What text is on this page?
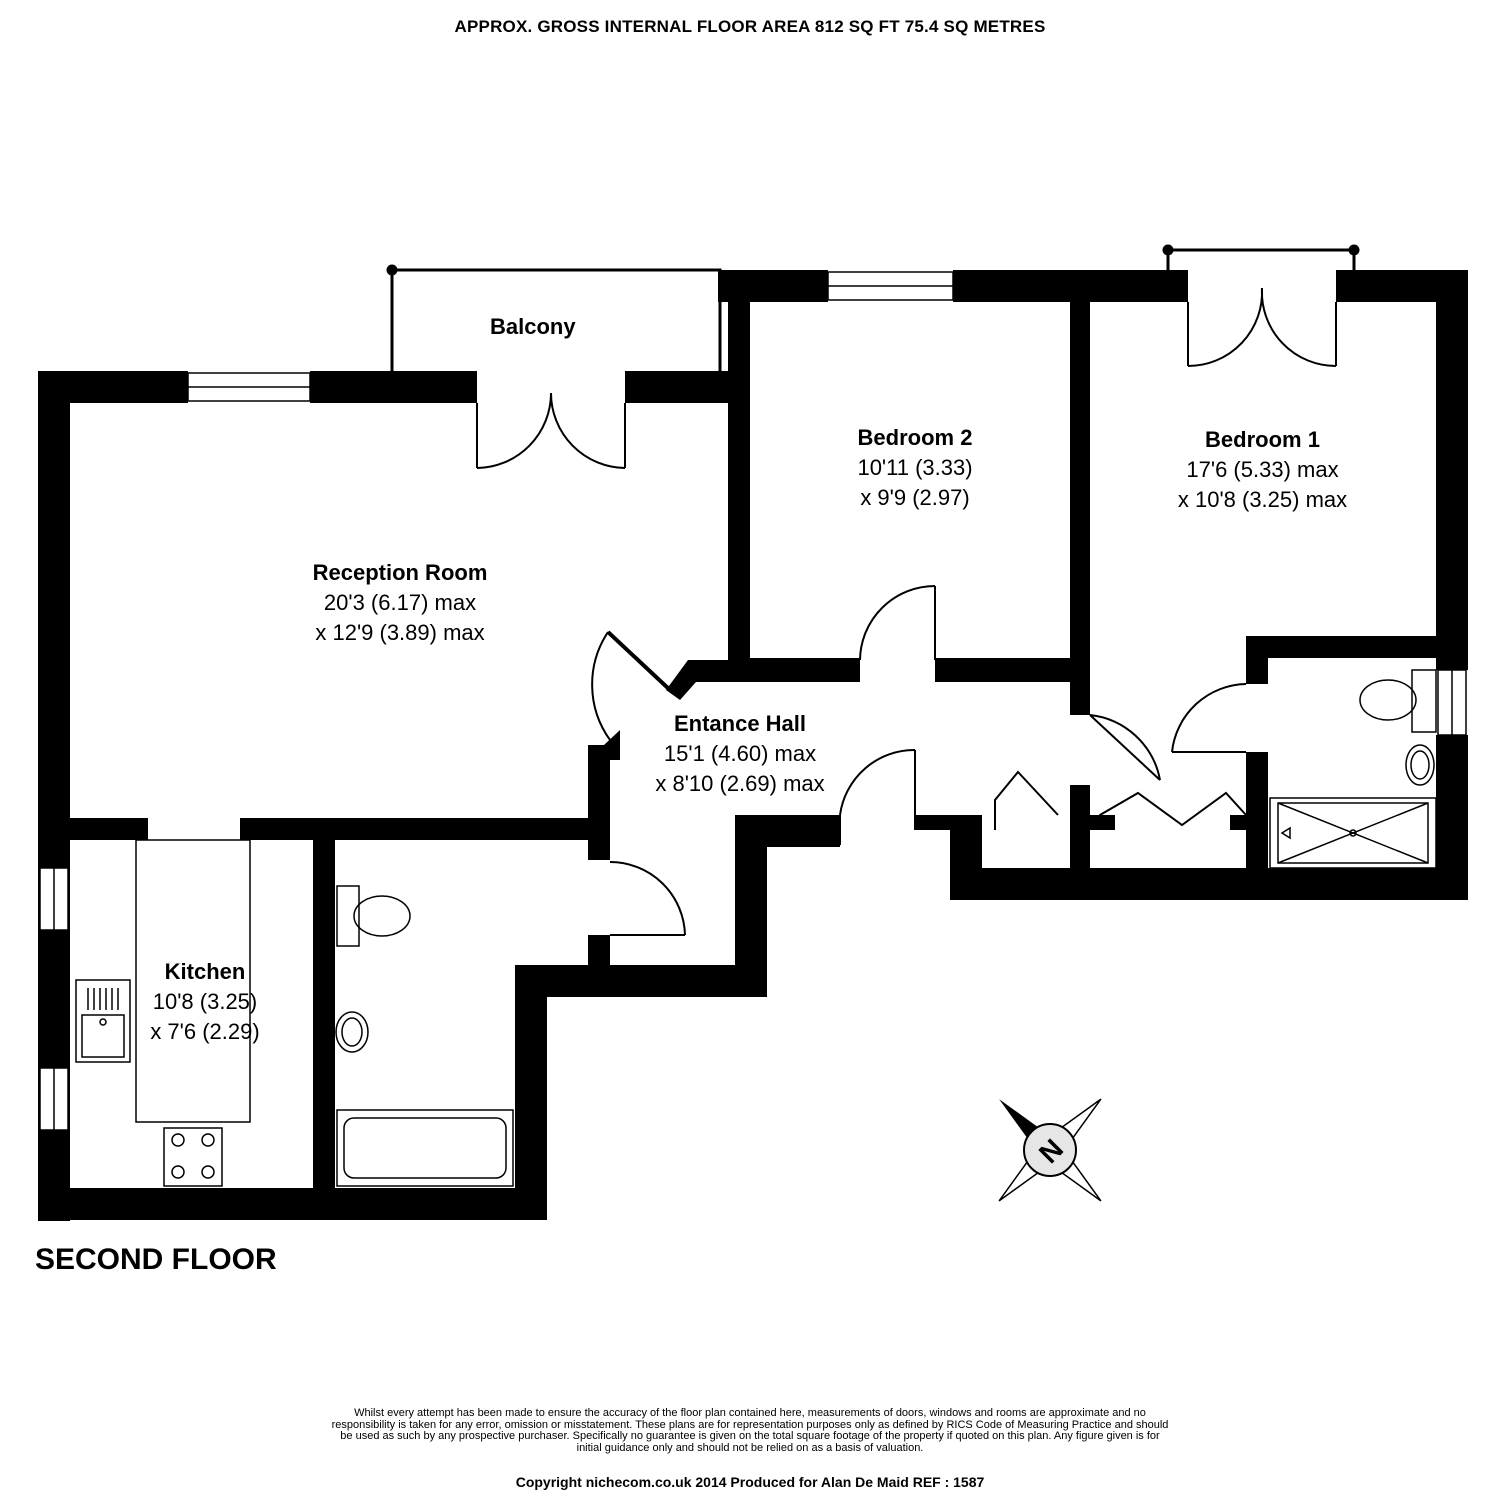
APPROX. GROSS INTERNAL FLOOR AREA 812 SQ FT 75.4 SQ METRES
N
Balcony
Reception Room
20'3 (6.17) max
x 12'9 (3.89) max
Bedroom 2
10'11 (3.33)
x 9'9 (2.97)
Bedroom 1
17'6 (5.33) max
x 10'8 (3.25) max
Entance Hall
15'1 (4.60) max
x 8'10 (2.69) max
Kitchen
10'8 (3.25)
x 7'6 (2.29)
SECOND FLOOR
Whilst every attempt has been made to ensure the accuracy of the floor plan contained here, measurements of doors, windows and rooms are approximate and no responsibility is taken for any error, omission or misstatement. These plans are for representation purposes only as defined by RICS Code of Measuring Practice and should be used as such by any prospective purchaser. Specifically no guarantee is given on the total square footage of the property if quoted on this plan. Any figure given is for initial guidance only and should not be relied on as a basis of valuation.
Copyright nichecom.co.uk 2014 Produced for Alan De Maid REF : 1587
